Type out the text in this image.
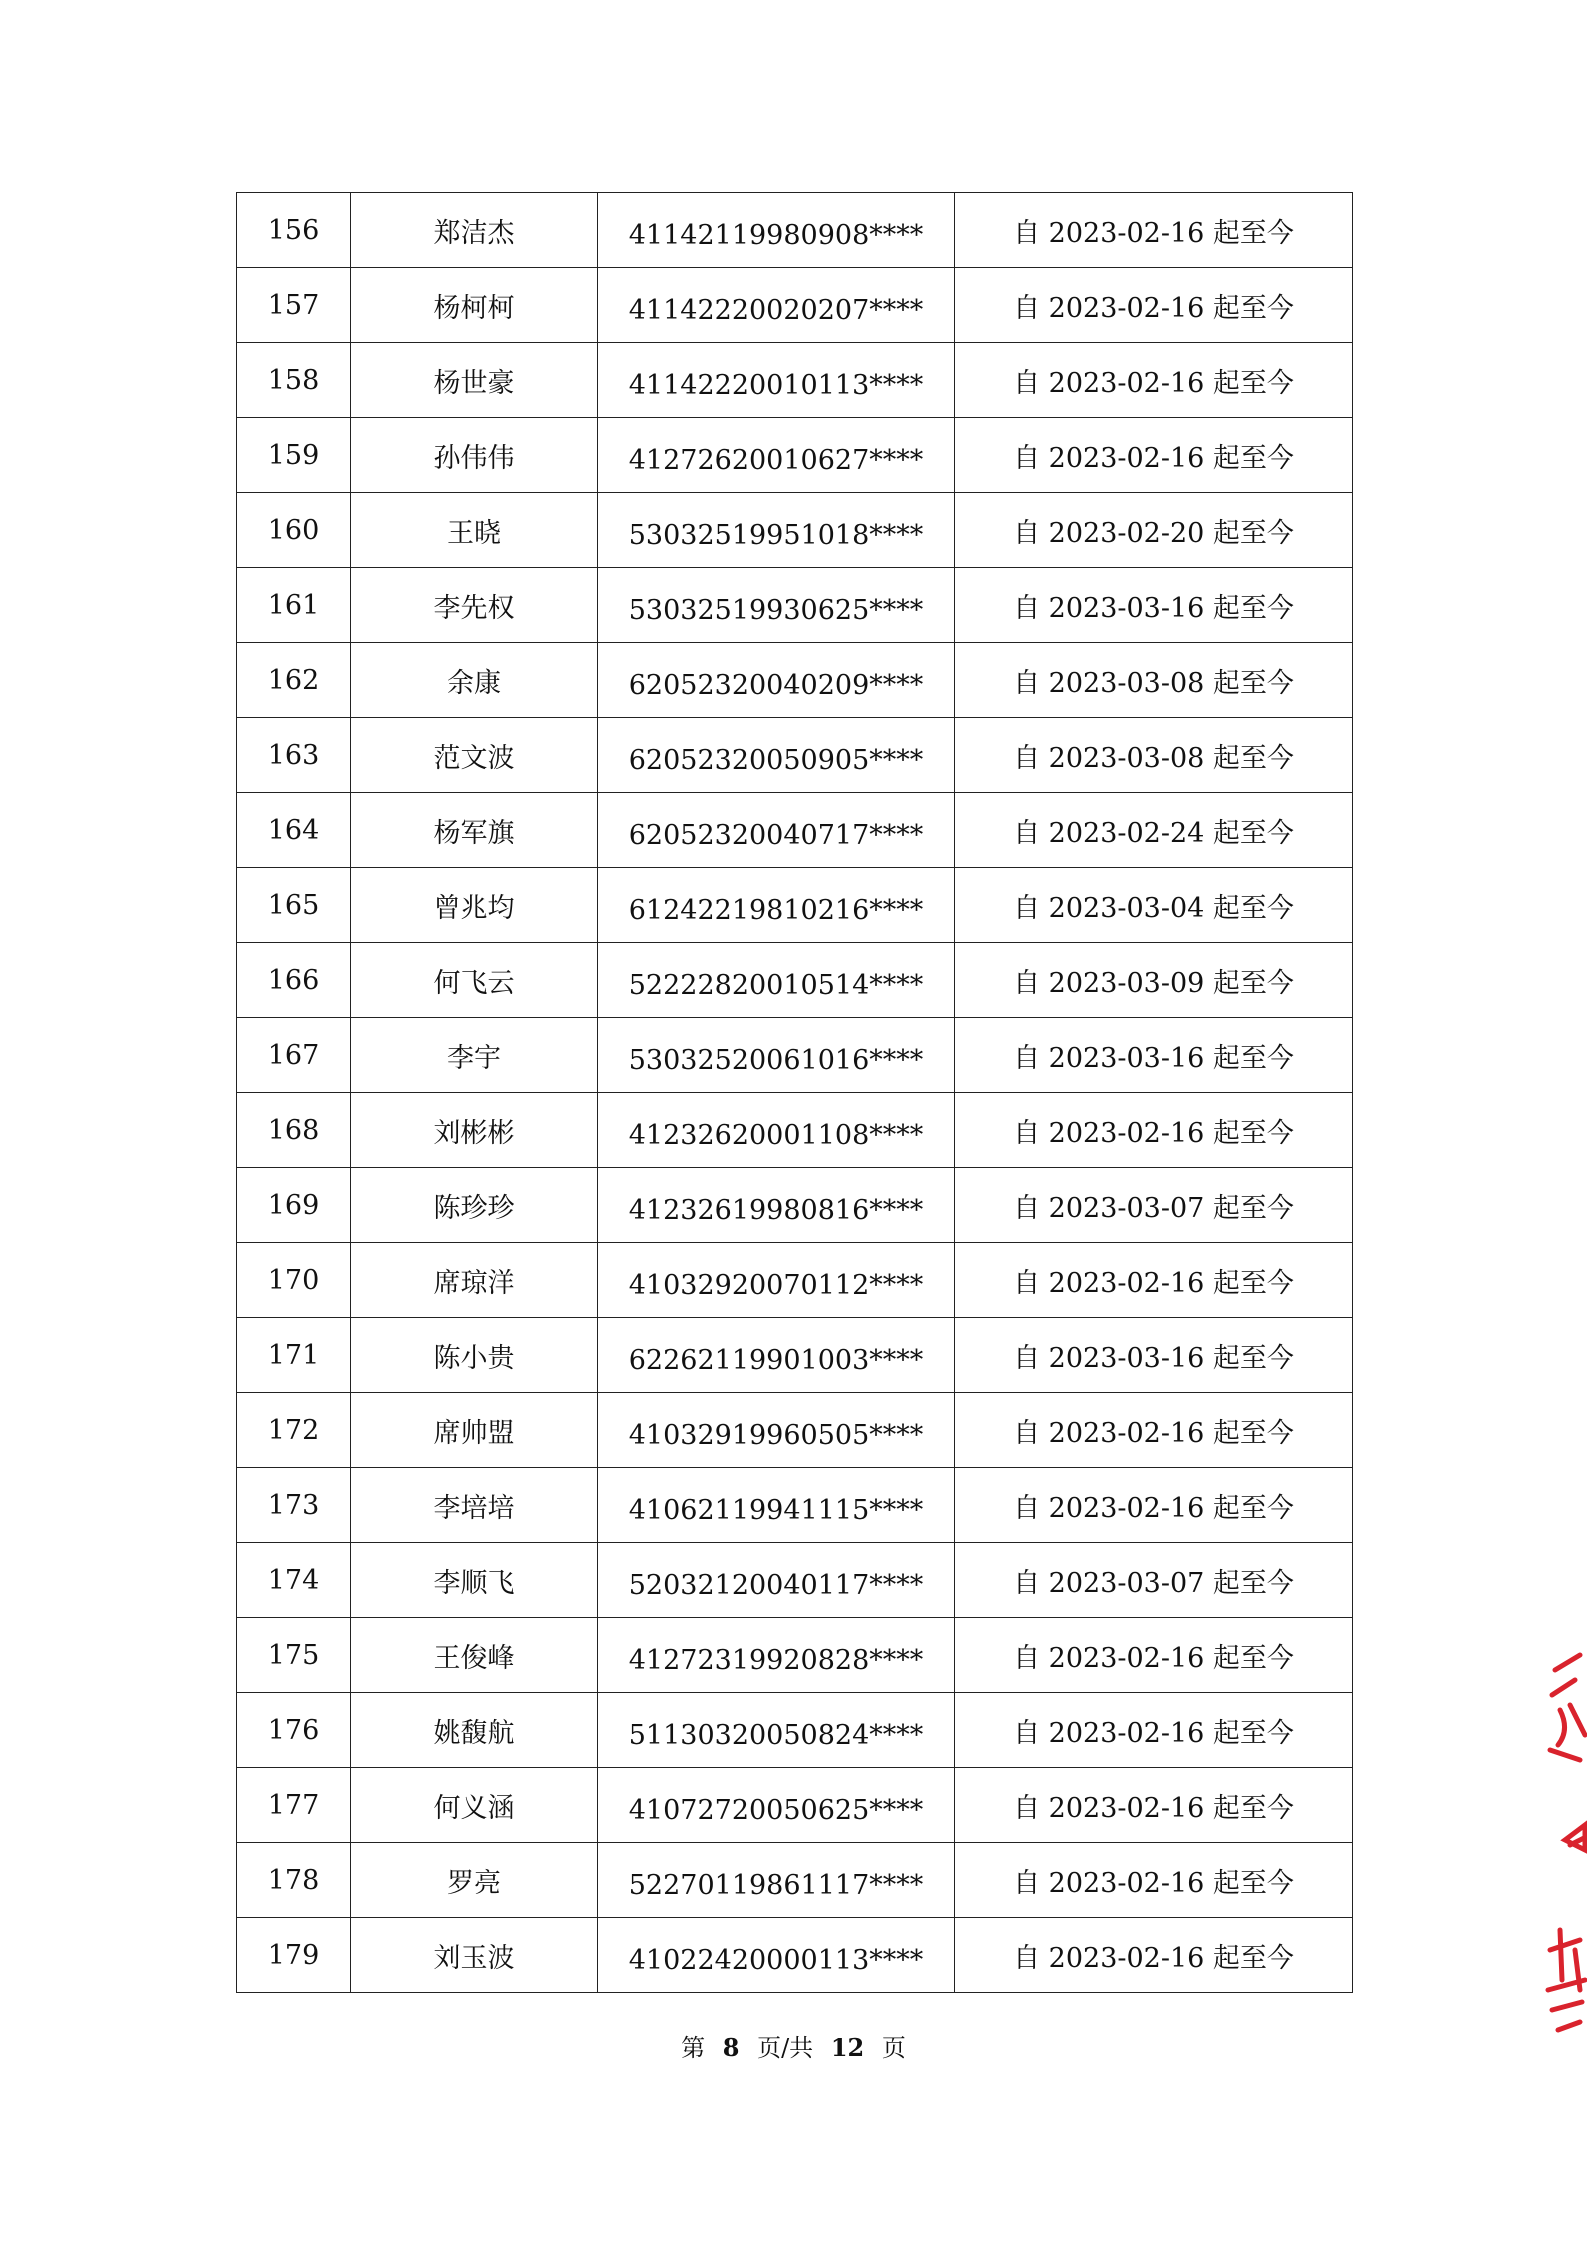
156	郑洁杰	41142119980908****	自 2023-02-16 起至今
157	杨柯柯	41142220020207****	自 2023-02-16 起至今
158	杨世豪	41142220010113****	自 2023-02-16 起至今
159	孙伟伟	41272620010627****	自 2023-02-16 起至今
160	王晓	53032519951018****	自 2023-02-20 起至今
161	李先权	53032519930625****	自 2023-03-16 起至今
162	余康	62052320040209****	自 2023-03-08 起至今
163	范文波	62052320050905****	自 2023-03-08 起至今
164	杨军旗	62052320040717****	自 2023-02-24 起至今
165	曾兆均	61242219810216****	自 2023-03-04 起至今
166	何飞云	52222820010514****	自 2023-03-09 起至今
167	李宇	53032520061016****	自 2023-03-16 起至今
168	刘彬彬	41232620001108****	自 2023-02-16 起至今
169	陈珍珍	41232619980816****	自 2023-03-07 起至今
170	席琼洋	41032920070112****	自 2023-02-16 起至今
171	陈小贵	62262119901003****	自 2023-03-16 起至今
172	席帅盟	41032919960505****	自 2023-02-16 起至今
173	李培培	41062119941115****	自 2023-02-16 起至今
174	李顺飞	52032120040117****	自 2023-03-07 起至今
175	王俊峰	41272319920828****	自 2023-02-16 起至今
176	姚馥航	51130320050824****	自 2023-02-16 起至今
177	何义涵	41072720050625****	自 2023-02-16 起至今
178	罗亮	52270119861117****	自 2023-02-16 起至今
179	刘玉波	41022420000113****	自 2023-02-16 起至今
第 8 页/共 12 页
